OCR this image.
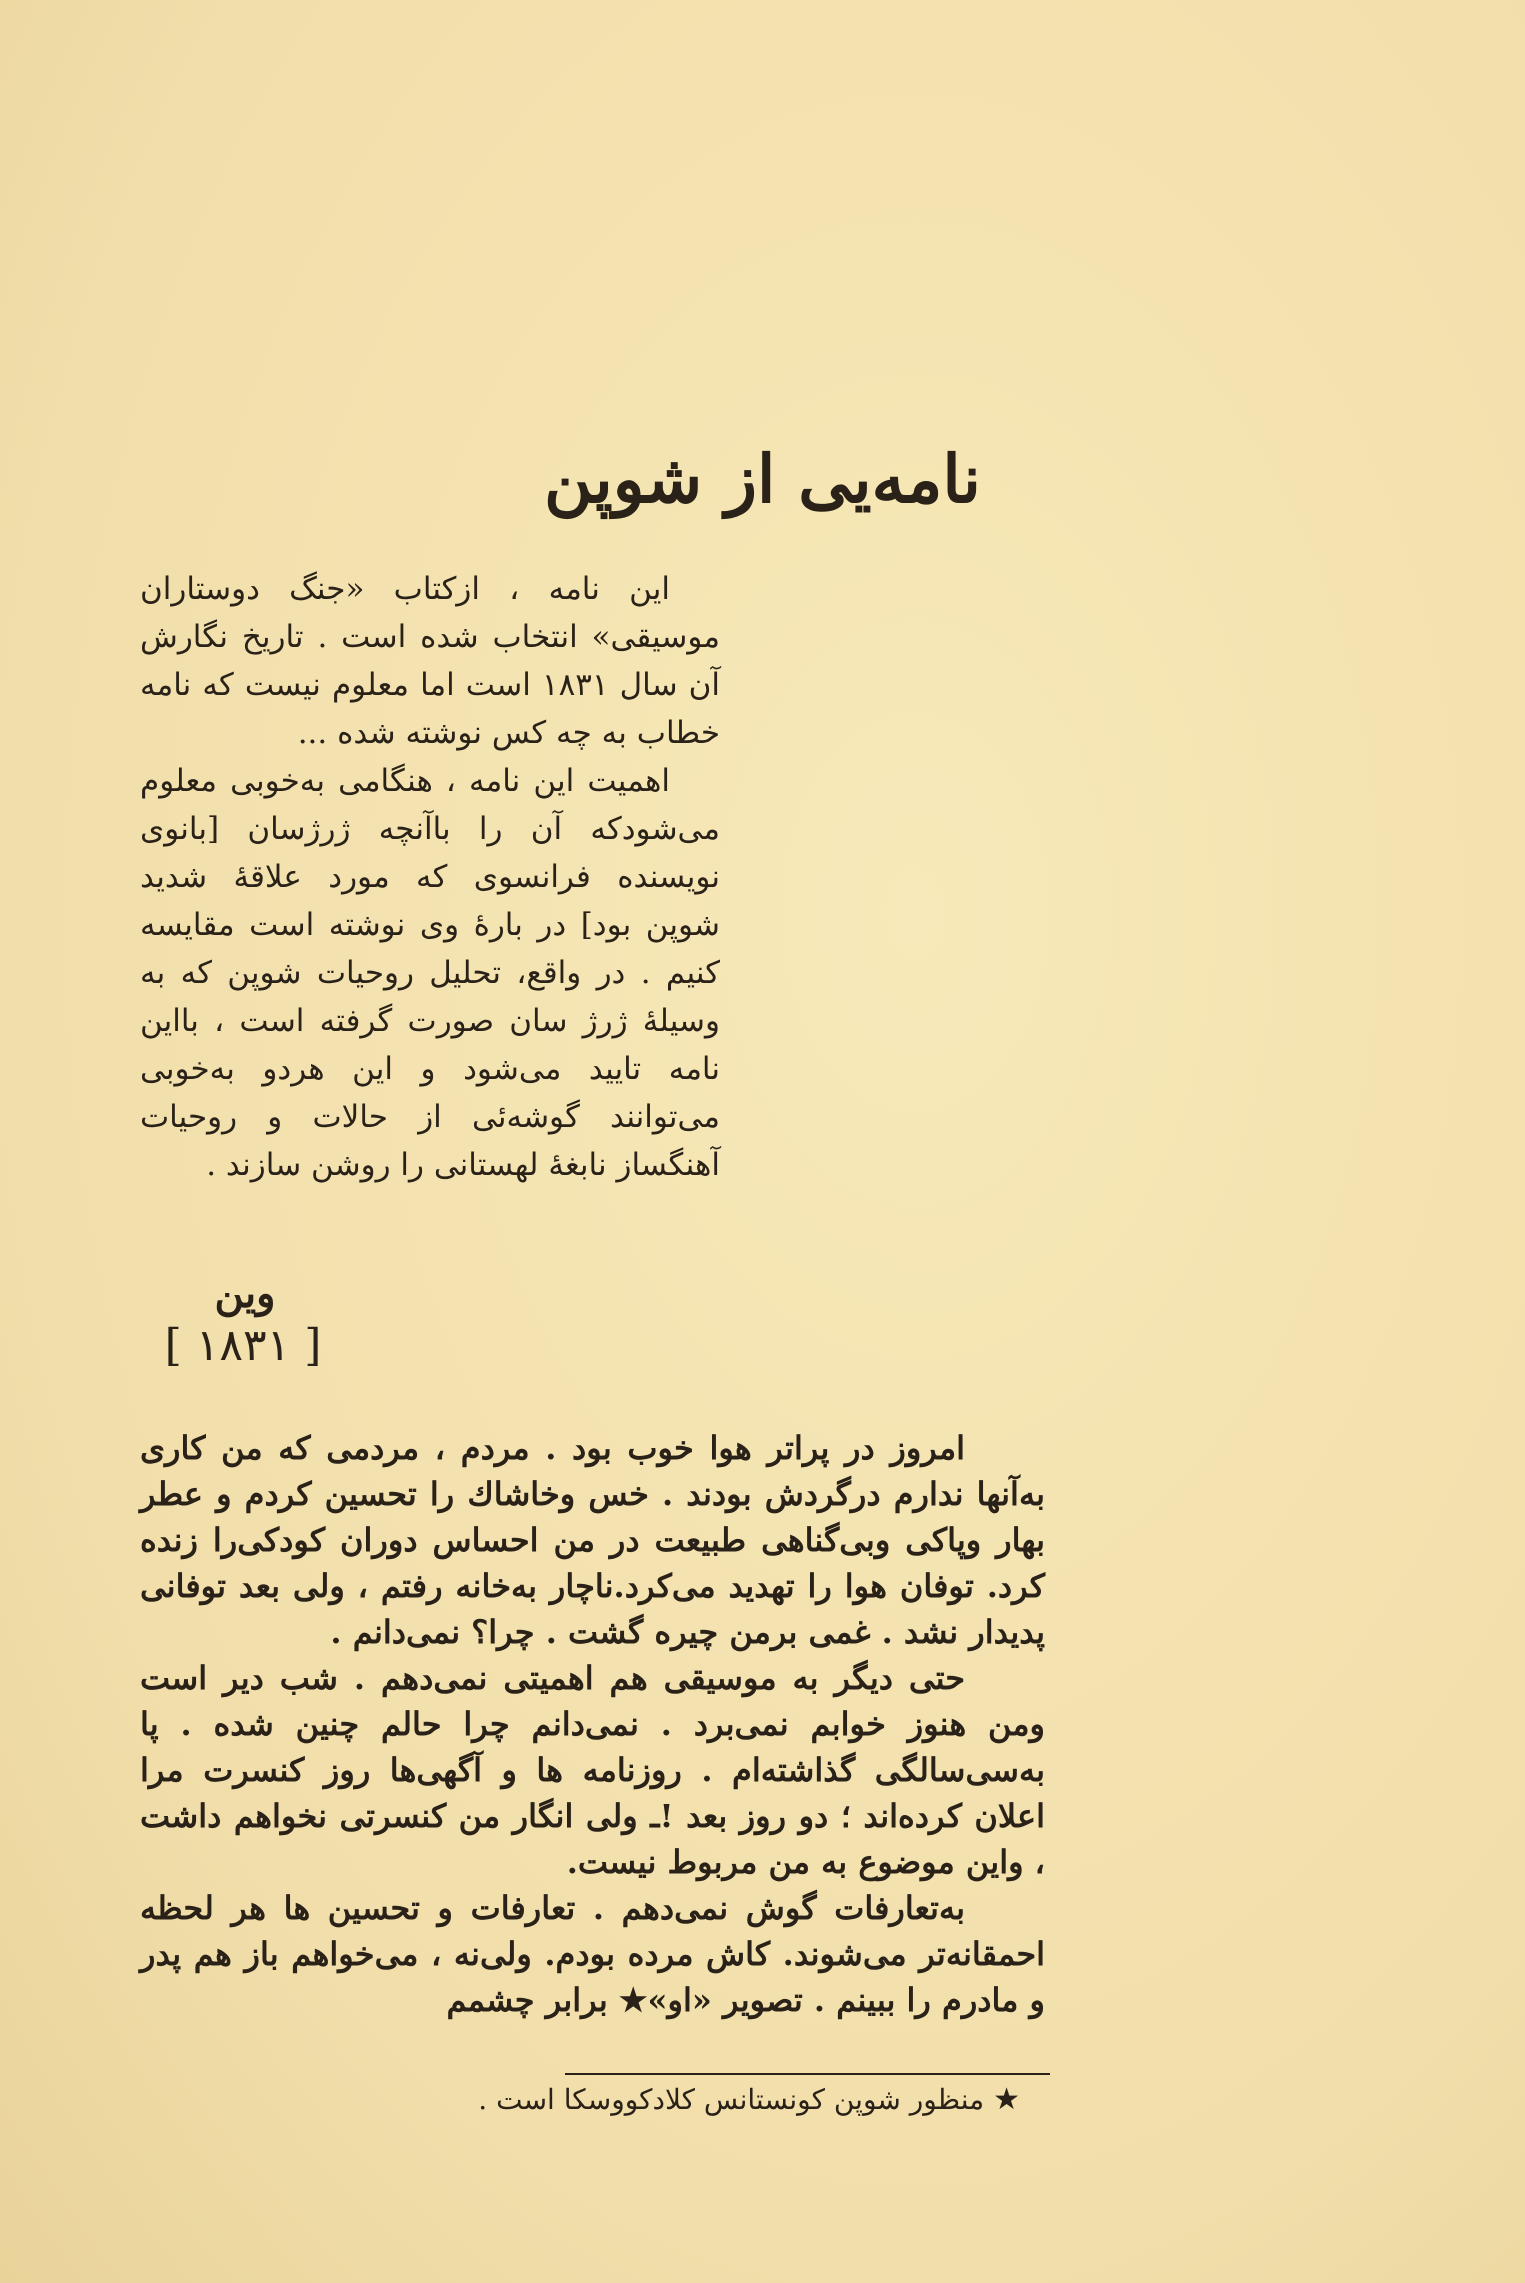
نامه‌یی از شوپن

این نامه ، ازکتاب «جنگ دوستاران موسیقی» انتخاب شده است . تاریخ نگارش آن سال ۱۸۳۱ است اما معلوم نیست که نامه خطاب به چه کس نوشته شده ...

اهمیت این نامه ، هنگامی به‌خوبی معلوم می‌شودکه آن را باآنچه ژرژسان [بانوی نویسنده فرانسوی که مورد علاقهٔ شدید شوپن بود] در بارهٔ وی نوشته است مقایسه کنیم . در واقع، تحلیل روحیات شوپن که به وسیلهٔ ژرژ سان صورت گرفته است ، بااین نامه تایید می‌شود و این هردو به‌خوبی می‌توانند گوشه‌ئی از حالات و روحیات آهنگساز نابغهٔ لهستانی را روشن سازند .

وین
[ ۱۸۳۱ ]

امروز در پراتر هوا خوب بود . مردم ، مردمی که من کاری به‌آنها ندارم درگردش بودند . خس وخاشاك را تحسین کردم و عطر بهار وپاکی وبی‌گناهی طبیعت در من احساس دوران کودکی‌را زنده کرد. توفان هوا را تهدید می‌کرد.ناچار به‌خانه رفتم ، ولی بعد توفانی پدیدار نشد . غمی برمن چیره گشت . چرا؟ نمی‌دانم .

حتی دیگر به موسیقی هم اهمیتی نمی‌دهم . شب دیر است ومن هنوز خوابم نمی‌برد . نمی‌دانم چرا حالم چنین شده . پا به‌سی‌سالگی گذاشته‌ام . روزنامه ها و آگهی‌ها روز کنسرت مرا اعلان کرده‌اند ؛ دو روز بعد !ـ ولی انگار من کنسرتی نخواهم داشت ، واین موضوع به من مربوط نیست.

به‌تعارفات گوش نمی‌دهم . تعارفات و تحسین ها هر لحظه احمقانه‌تر می‌شوند. کاش مرده بودم. ولی‌نه ، می‌خواهم باز هم پدر و مادرم را ببینم . تصویر «او»★ برابر چشمم

★ منظور شوپن کونستانس کلادکووسکا است .
